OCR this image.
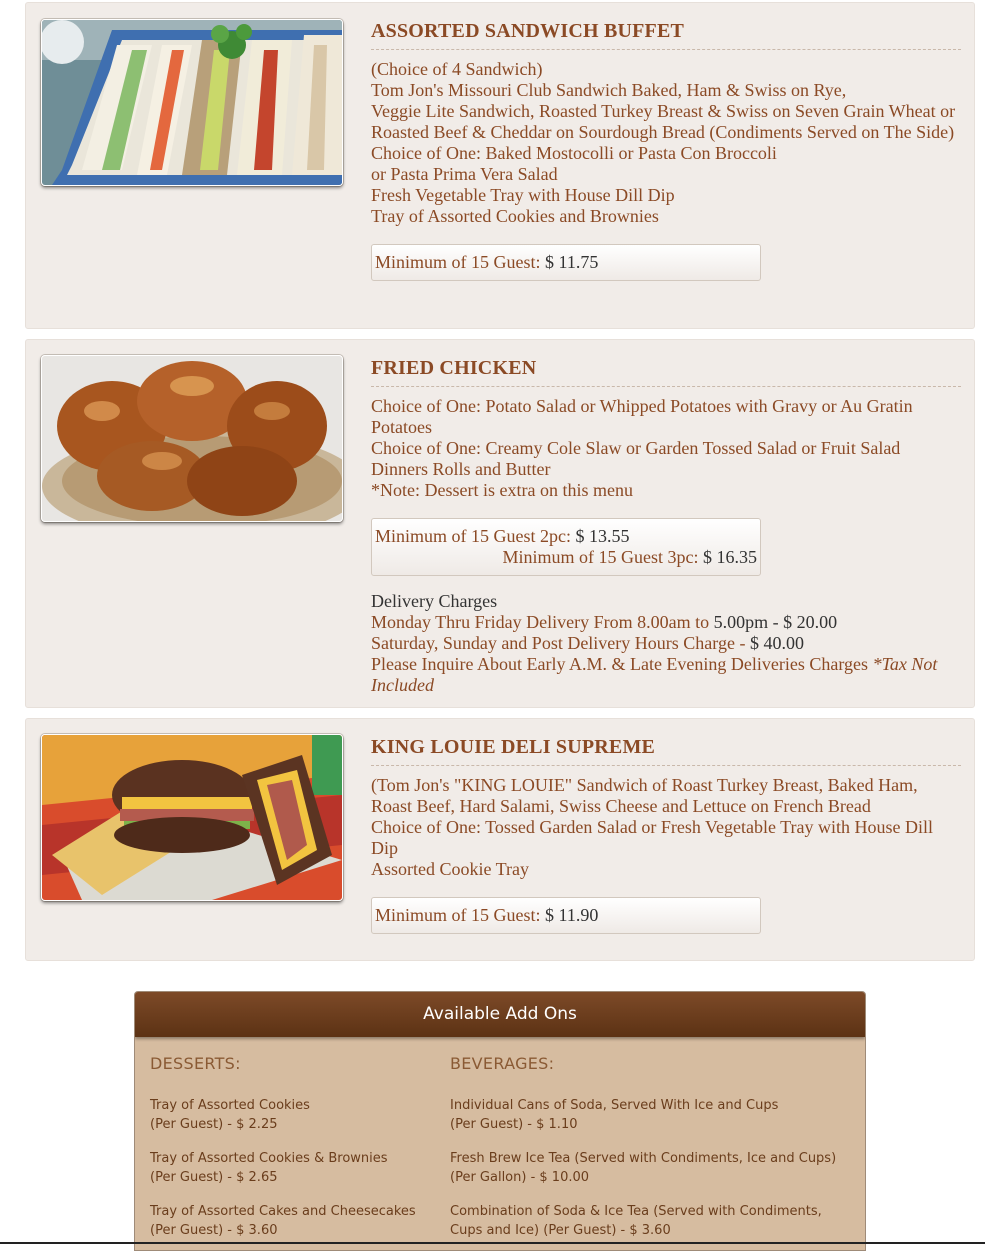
ASSORTED SANDWICH BUFFET
(Choice of 4 Sandwich)
Tom Jon's Missouri Club Sandwich Baked, Ham & Swiss on Rye,
Veggie Lite Sandwich, Roasted Turkey Breast & Swiss on Seven Grain Wheat or Roasted Beef & Cheddar on Sourdough Bread (Condiments Served on The Side)
Choice of One: Baked Mostocolli or Pasta Con Broccoli
or Pasta Prima Vera Salad
Fresh Vegetable Tray with House Dill Dip
Tray of Assorted Cookies and Brownies
Minimum of 15 Guest: $ 11.75
FRIED CHICKEN
Choice of One: Potato Salad or Whipped Potatoes with Gravy or Au Gratin Potatoes
Choice of One: Creamy Cole Slaw or Garden Tossed Salad or Fruit Salad
Dinners Rolls and Butter
*Note: Dessert is extra on this menu
Minimum of 15 Guest 2pc: $ 13.55
Minimum of 15 Guest 3pc: $ 16.35
Delivery Charges
Monday Thru Friday Delivery From 8.00am to 5.00pm - $ 20.00
Saturday, Sunday and Post Delivery Hours Charge - $ 40.00
Please Inquire About Early A.M. & Late Evening Deliveries Charges *Tax Not Included
KING LOUIE DELI SUPREME
(Tom Jon's "KING LOUIE" Sandwich of Roast Turkey Breast, Baked Ham, Roast Beef, Hard Salami, Swiss Cheese and Lettuce on French Bread
Choice of One: Tossed Garden Salad or Fresh Vegetable Tray with House Dill Dip
Assorted Cookie Tray
Minimum of 15 Guest: $ 11.90
Available Add Ons
DESSERTS:
Tray of Assorted Cookies
(Per Guest) - $ 2.25
Tray of Assorted Cookies & Brownies
(Per Guest) - $ 2.65
Tray of Assorted Cakes and Cheesecakes
(Per Guest) - $ 3.60
BEVERAGES:
Individual Cans of Soda, Served With Ice and Cups
(Per Guest) - $ 1.10
Fresh Brew Ice Tea (Served with Condiments, Ice and Cups)
(Per Gallon) - $ 10.00
Combination of Soda & Ice Tea (Served with Condiments,
Cups and Ice) (Per Guest) - $ 3.60
